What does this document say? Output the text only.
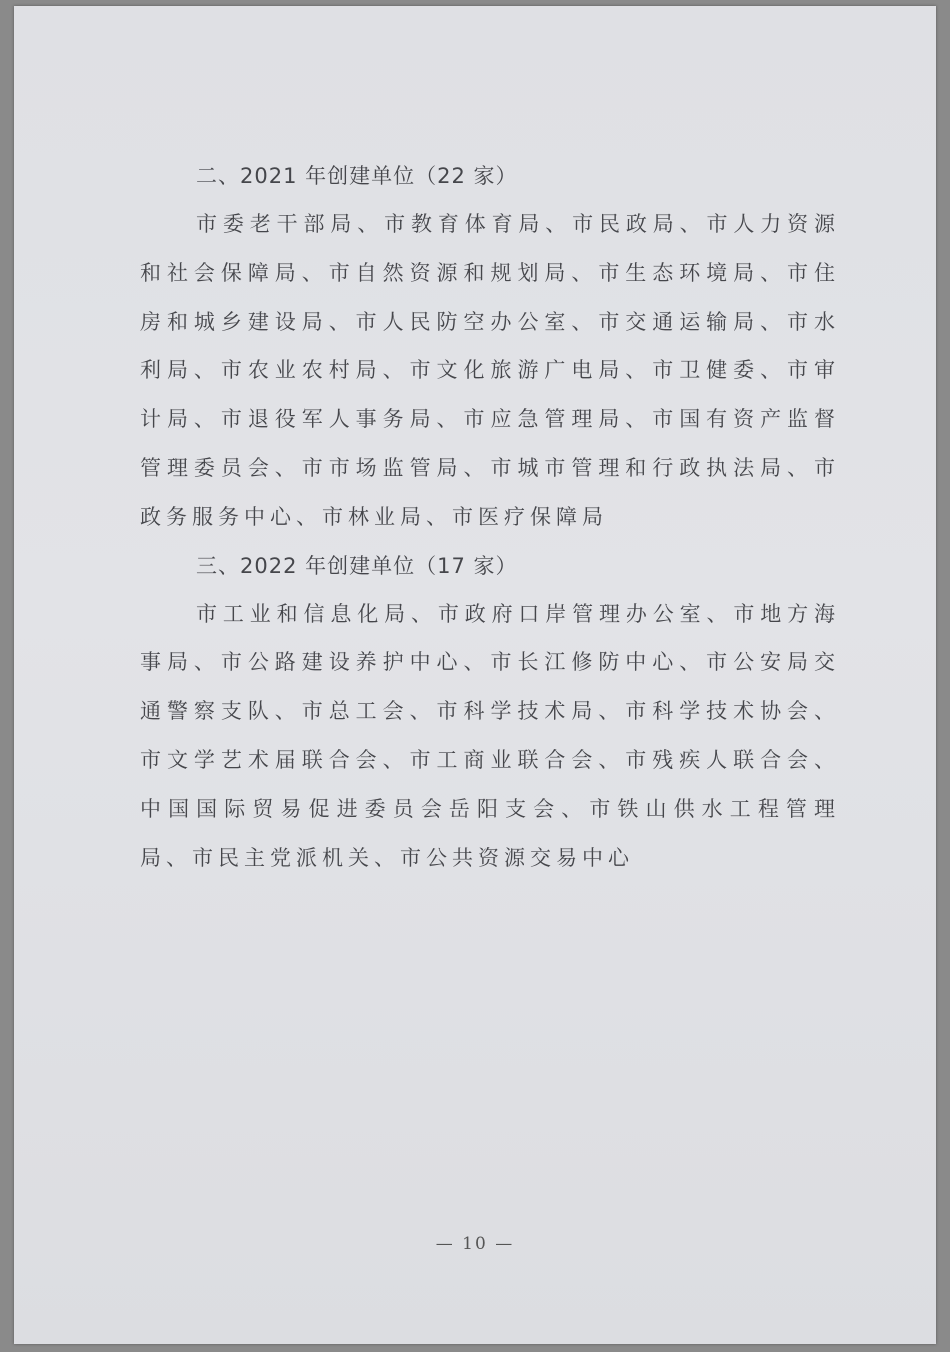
二、2021 年创建单位（22 家）

市委老干部局、市教育体育局、市民政局、市人力资源和社会保障局、市自然资源和规划局、市生态环境局、市住房和城乡建设局、市人民防空办公室、市交通运输局、市水利局、市农业农村局、市文化旅游广电局、市卫健委、市审计局、市退役军人事务局、市应急管理局、市国有资产监督管理委员会、市市场监管局、市城市管理和行政执法局、市政务服务中心、市林业局、市医疗保障局

三、2022 年创建单位（17 家）

市工业和信息化局、市政府口岸管理办公室、市地方海事局、市公路建设养护中心、市长江修防中心、市公安局交通警察支队、市总工会、市科学技术局、市科学技术协会、市文学艺术届联合会、市工商业联合会、市残疾人联合会、中国国际贸易促进委员会岳阳支会、市铁山供水工程管理局、市民主党派机关、市公共资源交易中心

— 10 —
